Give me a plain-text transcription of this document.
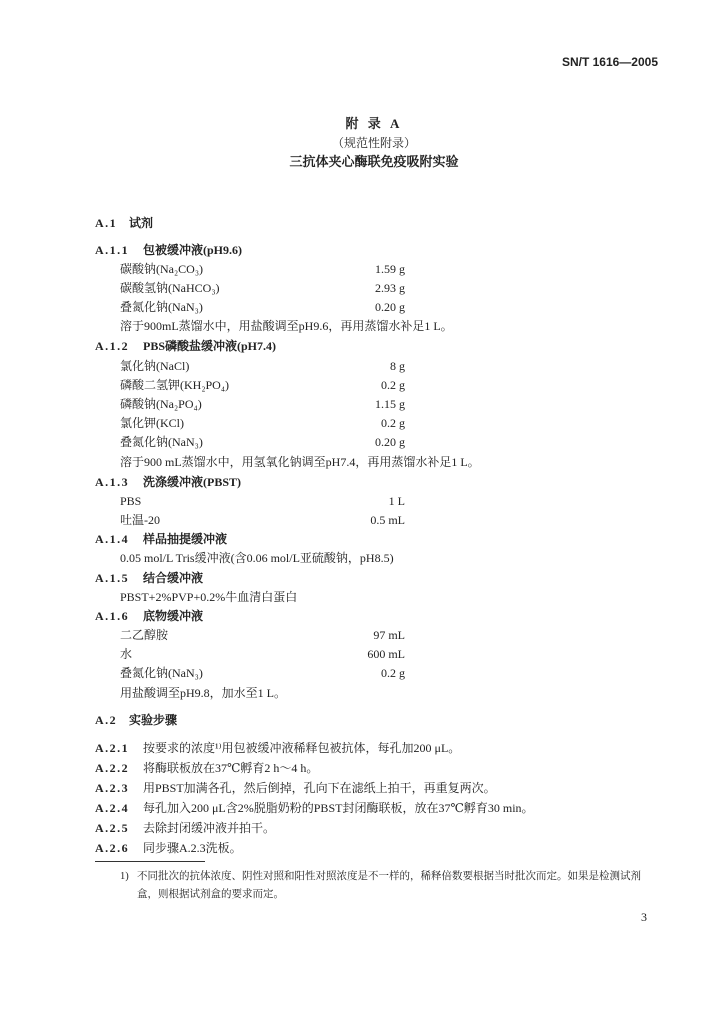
SN/T 1616—2005
附 录 A
（规范性附录）
三抗体夹心酶联免疫吸附实验
A.1 试剂
A.1.1 包被缓冲液(pH9.6)
碳酸钠(Na₂CO₃)	1.59 g
碳酸氢钠(NaHCO₃)	2.93 g
叠氮化钠(NaN₃)	0.20 g
溶于900mL蒸馏水中，用盐酸调至pH9.6，再用蒸馏水补足1 L。
A.1.2 PBS磷酸盐缓冲液(pH7.4)
氯化钠(NaCl)	8 g
磷酸二氢钾(KH₂PO₄)	0.2 g
磷酸钠(Na₂PO₄)	1.15 g
氯化钾(KCl)	0.2 g
叠氮化钠(NaN₃)	0.20 g
溶于900 mL蒸馏水中，用氢氧化钠调至pH7.4，再用蒸馏水补足1 L。
A.1.3 洗涤缓冲液(PBST)
PBS	1 L
吐温-20	0.5 mL
A.1.4 样品抽提缓冲液
0.05 mol/L Tris缓冲液(含0.06 mol/L亚硫酸钠，pH8.5)
A.1.5 结合缓冲液
PBST+2%PVP+0.2%牛血清白蛋白
A.1.6 底物缓冲液
二乙醇胺	97 mL
水	600 mL
叠氮化钠(NaN₃)	0.2 g
用盐酸调至pH9.8，加水至1 L。
A.2 实验步骤
A.2.1 按要求的浓度¹⁾用包被缓冲液稀释包被抗体，每孔加200 μL。
A.2.2 将酶联板放在37℃孵育2 h～4 h。
A.2.3 用PBST加满各孔，然后倒掉，孔向下在滤纸上拍干，再重复两次。
A.2.4 每孔加入200 μL含2%脱脂奶粉的PBST封闭酶联板，放在37℃孵育30 min。
A.2.5 去除封闭缓冲液并拍干。
A.2.6 同步骤A.2.3洗板。
1) 不同批次的抗体浓度、阴性对照和阳性对照浓度是不一样的，稀释倍数要根据当时批次而定。如果是检测试剂
盒，则根据试剂盒的要求而定。
3
